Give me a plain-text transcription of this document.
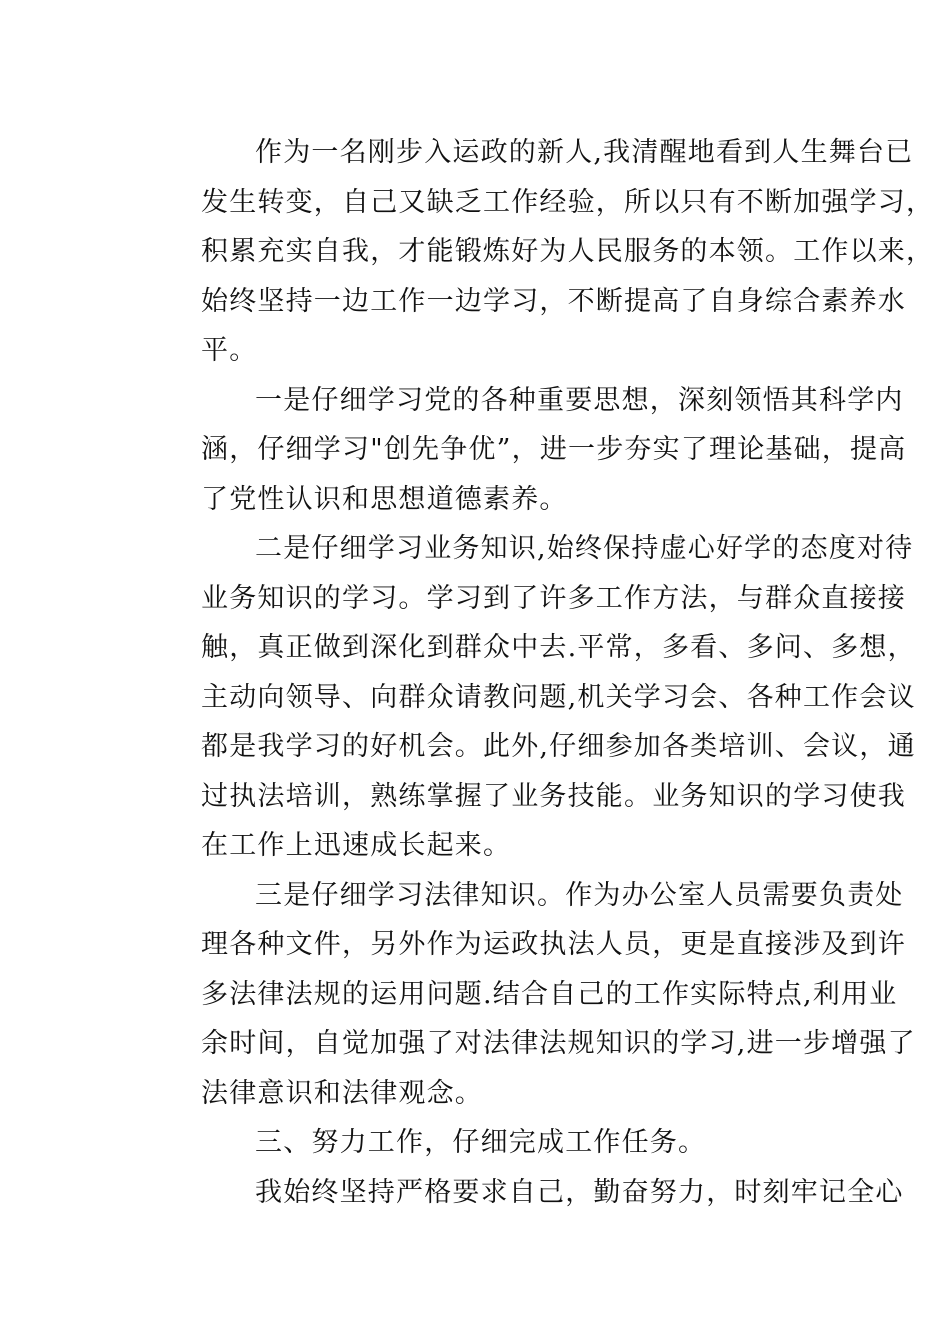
作为一名刚步入运政的新人,我清醒地看到人生舞台已
发生转变，自己又缺乏工作经验，所以只有不断加强学习，
积累充实自我，才能锻炼好为人民服务的本领。工作以来，
始终坚持一边工作一边学习，不断提高了自身综合素养水
平。
一是仔细学习党的各种重要思想，深刻领悟其科学内
涵，仔细学习"创先争优”，进一步夯实了理论基础，提高
了党性认识和思想道德素养。
二是仔细学习业务知识,始终保持虚心好学的态度对待
业务知识的学习。学习到了许多工作方法，与群众直接接
触，真正做到深化到群众中去.平常，多看、多问、多想，
主动向领导、向群众请教问题,机关学习会、各种工作会议
都是我学习的好机会。此外,仔细参加各类培训、会议，通
过执法培训，熟练掌握了业务技能。业务知识的学习使我
在工作上迅速成长起来。
三是仔细学习法律知识。作为办公室人员需要负责处
理各种文件，另外作为运政执法人员，更是直接涉及到许
多法律法规的运用问题.结合自己的工作实际特点,利用业
余时间，自觉加强了对法律法规知识的学习,进一步增强了
法律意识和法律观念。
三、努力工作，仔细完成工作任务。
我始终坚持严格要求自己，勤奋努力，时刻牢记全心
